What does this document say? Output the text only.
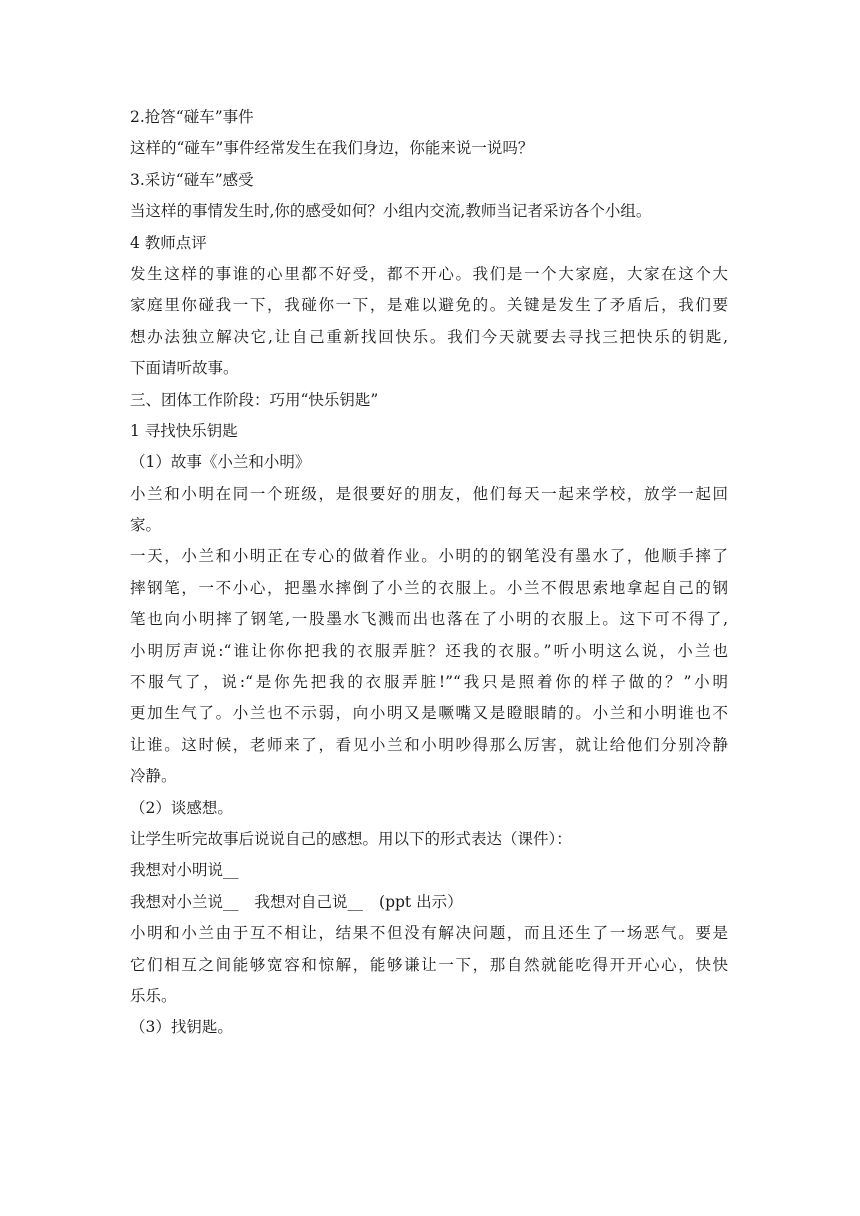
2.抢答“碰车”事件
这样的“碰车”事件经常发生在我们身边，你能来说一说吗？
3.采访“碰车”感受
当这样的事情发生时,你的感受如何？小组内交流,教师当记者采访各个小组。
4 教师点评
发生这样的事谁的心里都不好受，都不开心。我们是一个大家庭，大家在这个大
家庭里你碰我一下，我碰你一下，是难以避免的。关键是发生了矛盾后，我们要
想办法独立解决它,让自己重新找回快乐。我们今天就要去寻找三把快乐的钥匙,
下面请听故事。
三、团体工作阶段：巧用“快乐钥匙”
1 寻找快乐钥匙
（1）故事《小兰和小明》
小兰和小明在同一个班级，是很要好的朋友，他们每天一起来学校，放学一起回
家。
一天，小兰和小明正在专心的做着作业。小明的的钢笔没有墨水了，他顺手摔了
摔钢笔，一不小心，把墨水摔倒了小兰的衣服上。小兰不假思索地拿起自己的钢
笔也向小明摔了钢笔,一股墨水飞溅而出也落在了小明的衣服上。这下可不得了,
小明厉声说:“谁让你你把我的衣服弄脏？还我的衣服。”听小明这么说，小兰也
不服气了，说:“是你先把我的衣服弄脏!”“我只是照着你的样子做的？”小明
更加生气了。小兰也不示弱，向小明又是噘嘴又是瞪眼睛的。小兰和小明谁也不
让谁。这时候，老师来了，看见小兰和小明吵得那么厉害，就让给他们分别冷静
冷静。
（2）谈感想。
让学生听完故事后说说自己的感想。用以下的形式表达（课件）：
我想对小明说__
我想对小兰说__ 我想对自己说__ (ppt 出示）
小明和小兰由于互不相让，结果不但没有解决问题，而且还生了一场恶气。要是
它们相互之间能够宽容和惊解，能够谦让一下，那自然就能吃得开开心心，快快
乐乐。
（3）找钥匙。
